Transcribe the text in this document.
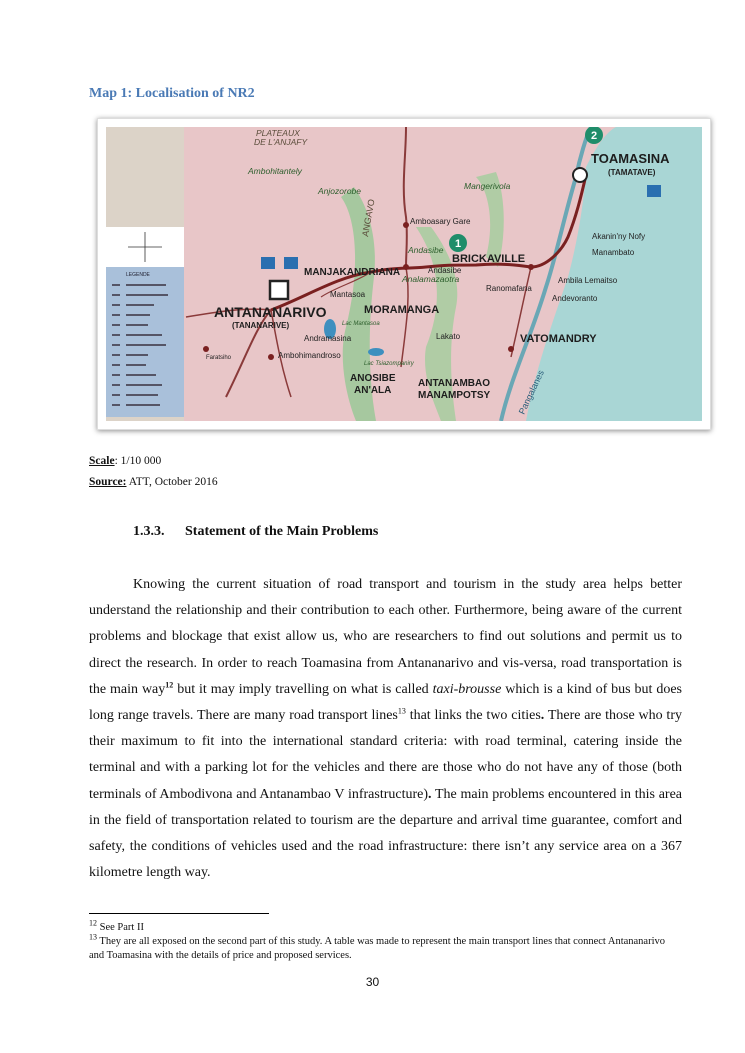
Map 1: Localisation of NR2
LEGENDE
1
2
PLATEAUX
DE L'ANJAFY
Ambohitantely
Anjozorobe	Mangerivola
Andasibe
Analamazaotra
ANGAVO	Amboasary Gare
Andasibe
Mantasoa
Ranomafana
Andramasina	Lakato
Ambohimandroso
Akanin'ny Nofy
Manambato
Ambila Lemaitso
Andevoranto
Faratsiho
Lac Mantasoa
Lac Tsiazompaniry
MANJAKANDRIANA
BRICKAVILLE
ANTANANARIVO
(TANANARIVE)
MORAMANGA
ANOSIBE
AN'ALA
ANTANAMBAO
MANAMPOTSY
VATOMANDRY
TOAMASINA
(TAMATAVE)
Pangalanes
Scale: 1/10 000
Source: ATT, October 2016
1.3.3. Statement of the Main Problems
Knowing the current situation of road transport and tourism in the study area helps better understand the relationship and their contribution to each other. Furthermore, being aware of the current problems and blockage that exist allow us, who are researchers to find out solutions and permit us to direct the research. In order to reach Toamasina from Antananarivo and vis-versa, road transportation is the main way$^{12}$ but it may imply travelling on what is called taxi-brousse which is a kind of bus but does long range travels. There are many road transport lines$^{13}$ that links the two cities. There are those who try their maximum to fit into the international standard criteria: with road terminal, catering inside the terminal and with a parking lot for the vehicles and there are those who do not have any of those (both terminals of Ambodivona and Antanambao V infrastructure). The main problems encountered in this area in the field of transportation related to tourism are the departure and arrival time guarantee, comfort and safety, the conditions of vehicles used and the road infrastructure: there isn’t any service area on a 367 kilometre length way.
$^{12}$ See Part II
$^{13}$ They are all exposed on the second part of this study. A table was made to represent the main transport lines that connect Antananarivo and Toamasina with the details of price and proposed services.
30
